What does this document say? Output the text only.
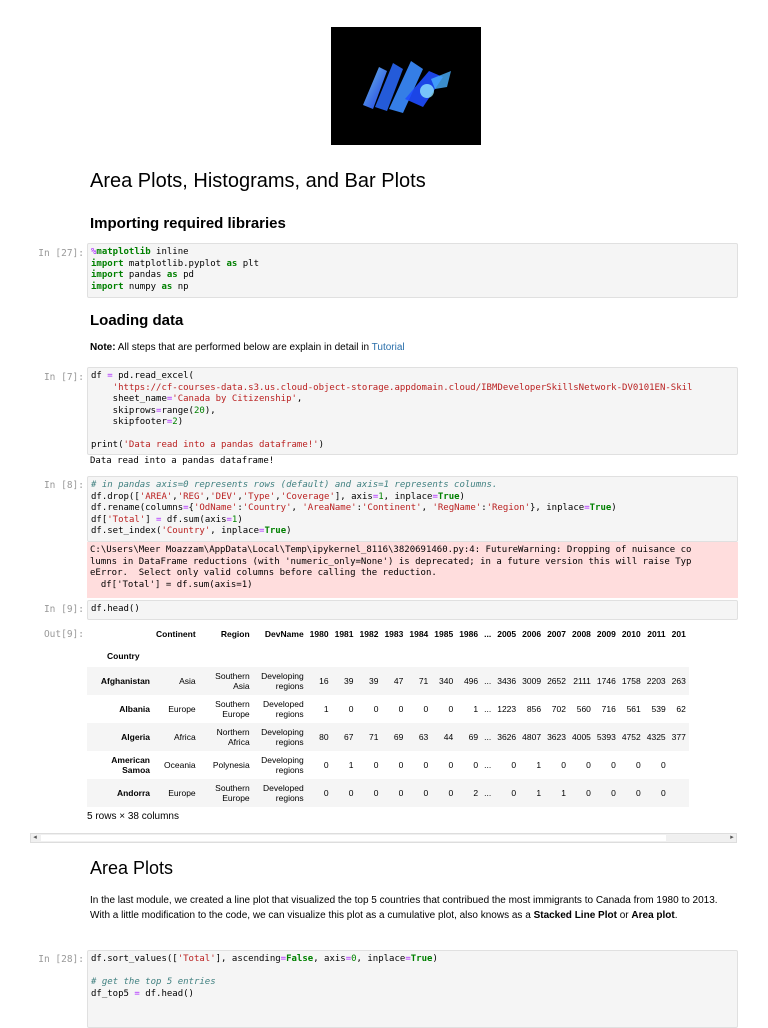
Area Plots, Histograms, and Bar Plots
Importing required libraries
In [27]: %matplotlib inline
import matplotlib.pyplot as plt
import pandas as pd
import numpy as np
Loading data

Note: All steps that are performed below are explain in detail in Tutorial

In [7]: df = pd.read_excel(
'https://cf-courses-data.s3.us.cloud-object-storage.appdomain.cloud/IBMDeveloperSkillsNetwork-DV0101EN-Skil
sheet_name='Canada by Citizenship',
skiprows=range(20),
skipfooter=2)

print('Data read into a pandas dataframe!')
Data read into a pandas dataframe!
In [8]: # in pandas axis=0 represents rows (default) and axis=1 represents columns.
df.drop(['AREA','REG','DEV','Type','Coverage'], axis=1, inplace=True)
df.rename(columns={'OdName':'Country', 'AreaName':'Continent', 'RegName':'Region'}, inplace=True)
df['Total'] = df.sum(axis=1)
df.set_index('Country', inplace=True)
C:\Users\Meer Moazzam\AppData\Local\Temp\ipykernel_8116\3820691460.py:4: FutureWarning: Dropping of nuisance co
lumns in DataFrame reductions (with 'numeric_only=None') is deprecated; in a future version this will raise Typ
eError.  Select only valid columns before calling the reduction.
df['Total'] = df.sum(axis=1)
In [9]: df.head()
Out[9]:
		Continent	Region	DevName	1980	1981	1982	1983	1984	1985	1986	...	2005	2006	2007	2008	2009	2010	2011	201
Country																			
Afghanistan	Asia	Southern Asia	Developing regions	16	39	39	47	71	340	496	...	3436	3009	2652	2111	1746	1758	2203	263
Albania	Europe	Southern Europe	Developed regions	1	0	0	0	0	0	1	...	1223	856	702	560	716	561	539	62
Algeria	Africa	Northern Africa	Developing regions	80	67	71	69	63	44	69	...	3626	4807	3623	4005	5393	4752	4325	377
American Samoa	Oceania	Polynesia	Developing regions	0	1	0	0	0	0	0	...	0	1	0	0	0	0	0	
Andorra	Europe	Southern Europe	Developed regions	0	0	0	0	0	0	2	...	0	1	1	0	0	0	0	
5 rows × 38 columns
◂	▸
Area Plots

In the last module, we created a line plot that visualized the top 5 countries that contribued the most immigrants to Canada from 1980 to 2013. With a little modification to the code, we can visualize this plot as a cumulative plot, also knows as a Stacked Line Plot or Area plot.

In [28]: df.sort_values(['Total'], ascending=False, axis=0, inplace=True)

# get the top 5 entries
df_top5 = df.head()
